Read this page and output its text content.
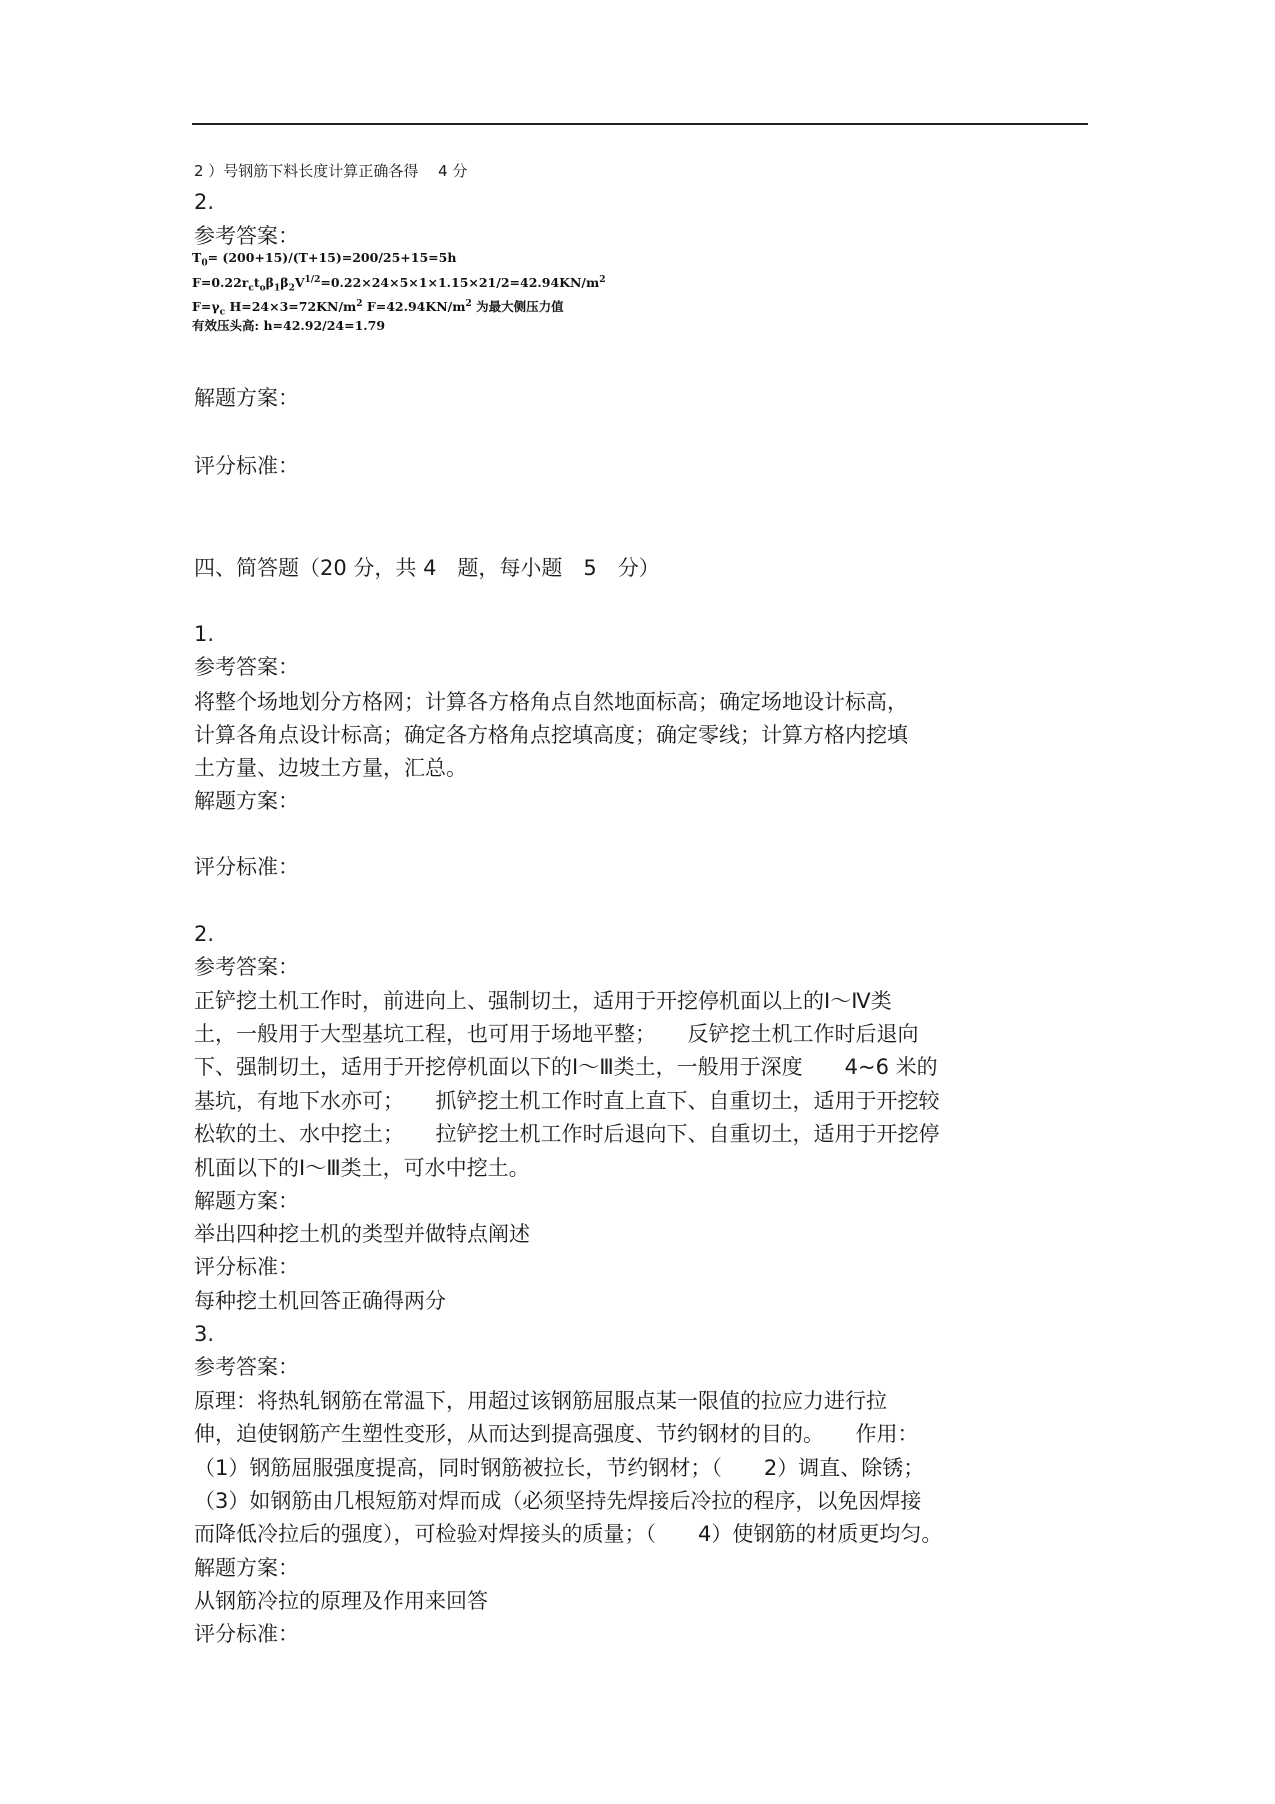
2 ）号钢筋下料长度计算正确各得 　4 分
2.
参考答案：
$T_0= (200+15)/(T+15)=200/25+15=5h$
$F=0.22r_ct_o\beta_1\beta_2V^{1/2}=0.22\times 24\times 5\times 1\times 1.15\times 21/2=42.94KN/m^2$
$F=\gamma_c$ $H=24\times 3=72KN/m^2$ $F=42.94KN/m^2$ 为最大侧压力值
有效压头高: h=42.92/24=1.79
解题方案：
评分标准：
四、简答题（20 分，共 4　题，每小题　5　分）
1.
参考答案：
将整个场地划分方格网；计算各方格角点自然地面标高；确定场地设计标高，
计算各角点设计标高；确定各方格角点挖填高度；确定零线；计算方格内挖填
土方量、边坡土方量，汇总。
解题方案：
评分标准：
2.
参考答案：
正铲挖土机工作时，前进向上、强制切土，适用于开挖停机面以上的Ⅰ～Ⅳ类
土，一般用于大型基坑工程，也可用于场地平整；　　反铲挖土机工作时后退向
下、强制切土，适用于开挖停机面以下的Ⅰ～Ⅲ类土，一般用于深度　　4~6 米的
基坑，有地下水亦可；　　抓铲挖土机工作时直上直下、自重切土，适用于开挖较
松软的土、水中挖土；　　拉铲挖土机工作时后退向下、自重切土，适用于开挖停
机面以下的Ⅰ～Ⅲ类土，可水中挖土。
解题方案：
举出四种挖土机的类型并做特点阐述
评分标准：
每种挖土机回答正确得两分
3.
参考答案：
原理：将热轧钢筋在常温下，用超过该钢筋屈服点某一限值的拉应力进行拉
伸，迫使钢筋产生塑性变形，从而达到提高强度、节约钢材的目的。　　作用：
（1）钢筋屈服强度提高，同时钢筋被拉长，节约钢材；（　　2）调直、除锈；
（3）如钢筋由几根短筋对焊而成（必须坚持先焊接后冷拉的程序，以免因焊接
而降低冷拉后的强度），可检验对焊接头的质量；（　　4）使钢筋的材质更均匀。
解题方案：
从钢筋冷拉的原理及作用来回答
评分标准：
